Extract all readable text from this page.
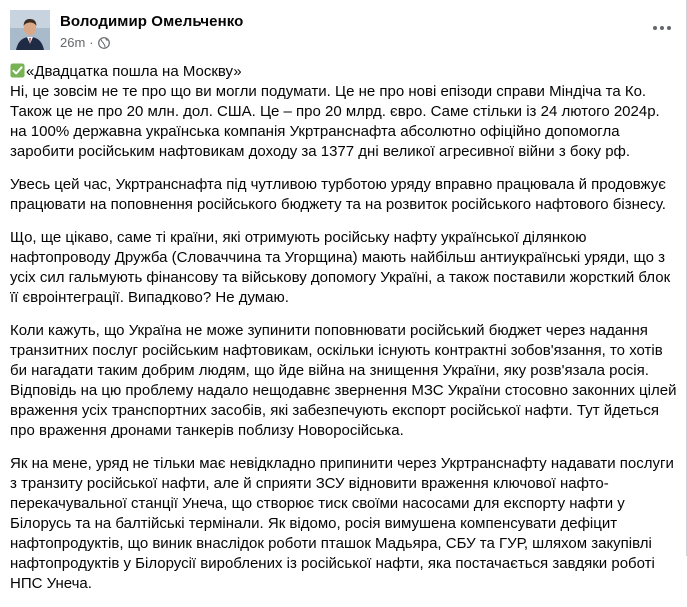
Володимир Омельченко
26m ·

«Двадцатка пошла на Москву»
Ні, це зовсім не те про що ви могли подумати. Це не про нові епізоди справи Міндіча та Ко. Також це не про 20 млн. дол. США. Це – про 20 млрд. євро. Саме стільки із 24 лютого 2024р. на 100% державна українська компанія Укртранснафта абсолютно офіційно допомогла заробити російським нафтовикам доходу за 1377 дні великої агресивної війни з боку рф.

Увесь цей час, Укртранснафта під чутливою турботою уряду вправно працювала й продовжує працювати на поповнення російського бюджету та на розвиток російського нафтового бізнесу.

Що, ще цікаво, саме ті країни, які отримують російську нафту української ділянкою нафтопроводу Дружба (Словаччина та Угорщина) мають найбільш антиукраїнські уряди, що з усіх сил гальмують фінансову та військову допомогу Україні, а також поставили жорсткий блок її євроінтеграції. Випадково? Не думаю.

Коли кажуть, що Україна не може зупинити поповнювати російський бюджет через надання транзитних послуг російським нафтовикам, оскільки існують контрактні зобов'язання, то хотів би нагадати таким добрим людям, що йде війна на знищення України, яку розв'язала росія. Відповідь на цю проблему надало нещодавнє звернення МЗС України стосовно законних цілей враження усіх транспортних засобів, які забезпечують експорт російської нафти. Тут йдеться про враження дронами танкерів поблизу Новоросійська.

Як на мене, уряд не тільки має невідкладно припинити через Укртранснафту надавати послуги з транзиту російської нафти, але й сприяти ЗСУ відновити враження ключової нафто-перекачувальної станції Унеча, що створює тиск своїми насосами для експорту нафти у Білорусь та на балтійські термінали. Як відомо, росія вимушена компенсувати дефіцит нафтопродуктів, що виник внаслідок роботи пташок Мадьяра, СБУ та ГУР, шляхом закупівлі нафтопродуктів у Білорусії вироблених із російської нафти, яка постачається завдяки роботі НПС Унеча.
